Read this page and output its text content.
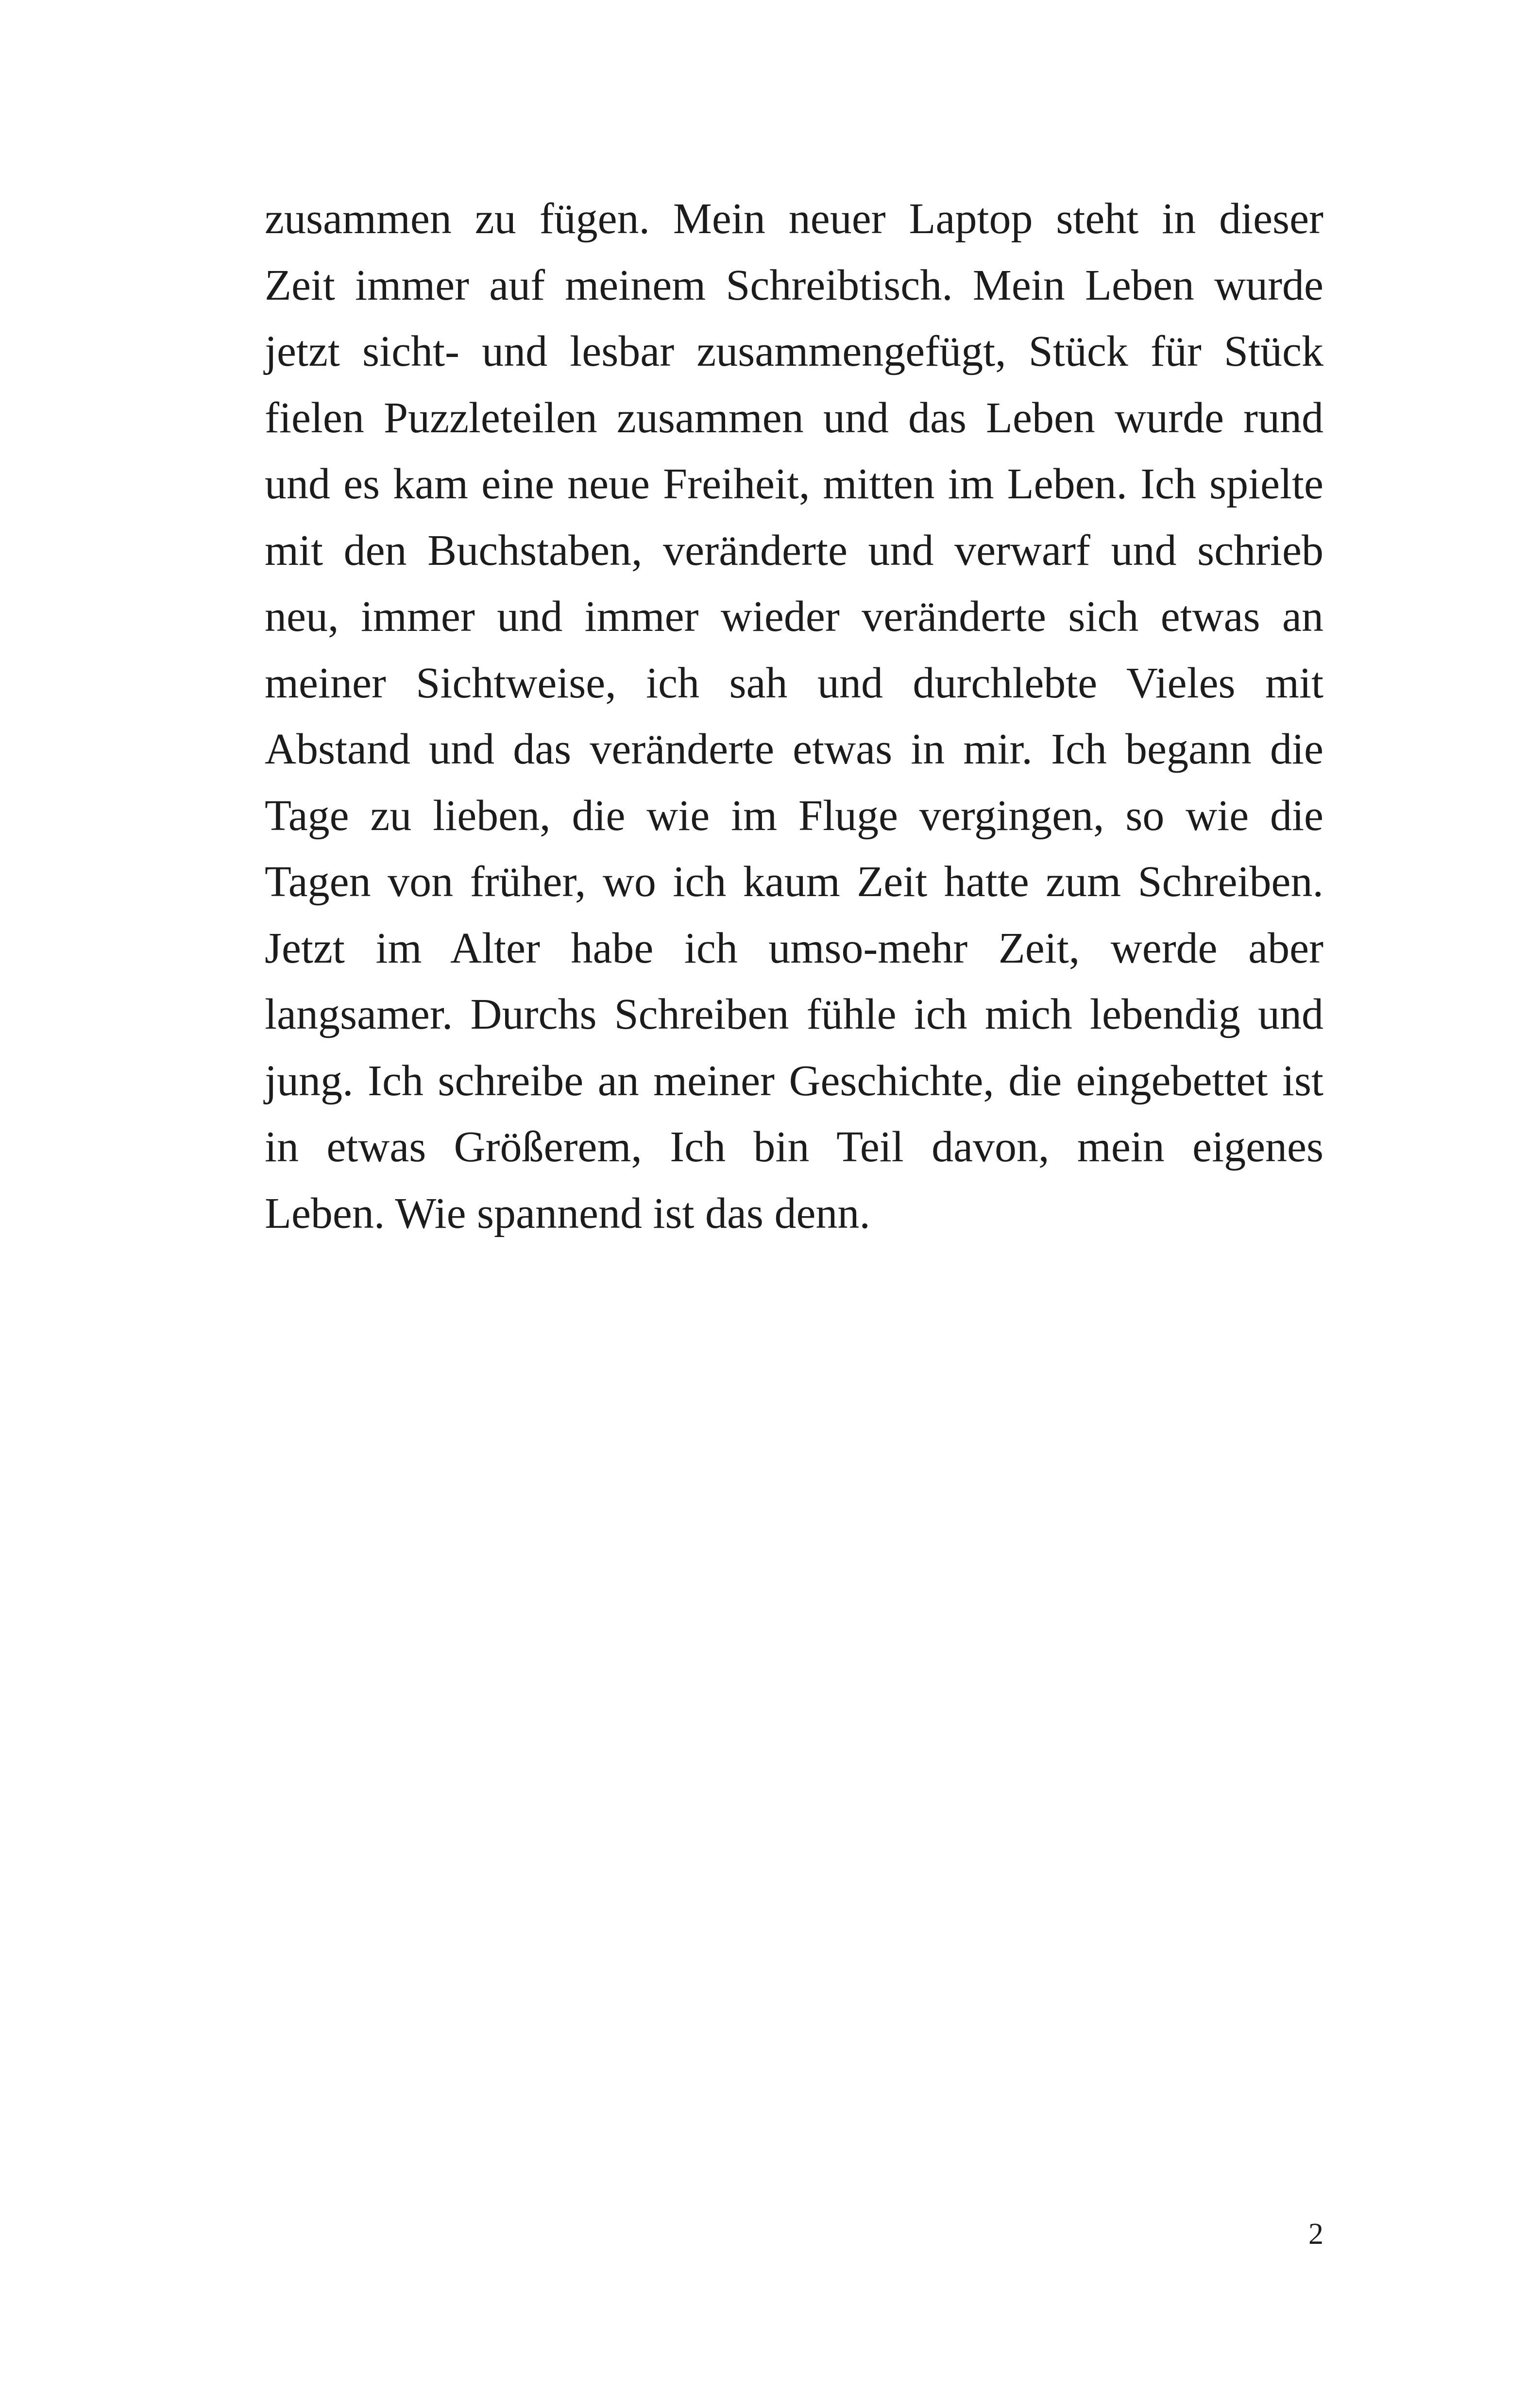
zusammen zu fügen. Mein neuer Laptop steht in dieser
Zeit immer auf meinem Schreibtisch. Mein Leben wurde
jetzt sicht- und lesbar zusammengefügt, Stück für Stück
fielen Puzzleteilen zusammen und das Leben wurde rund
und es kam eine neue Freiheit, mitten im Leben. Ich spielte
mit den Buchstaben, veränderte und verwarf und schrieb
neu, immer und immer wieder veränderte sich etwas an
meiner Sichtweise, ich sah und durchlebte Vieles mit
Abstand und das veränderte etwas in mir. Ich begann die
Tage zu lieben, die wie im Fluge vergingen, so wie die
Tagen von früher, wo ich kaum Zeit hatte zum Schreiben.
Jetzt im Alter habe ich umso-mehr Zeit, werde aber
langsamer. Durchs Schreiben fühle ich mich lebendig und
jung. Ich schreibe an meiner Geschichte, die eingebettet ist
in etwas Größerem, Ich bin Teil davon, mein eigenes
Leben. Wie spannend ist das denn.
2
